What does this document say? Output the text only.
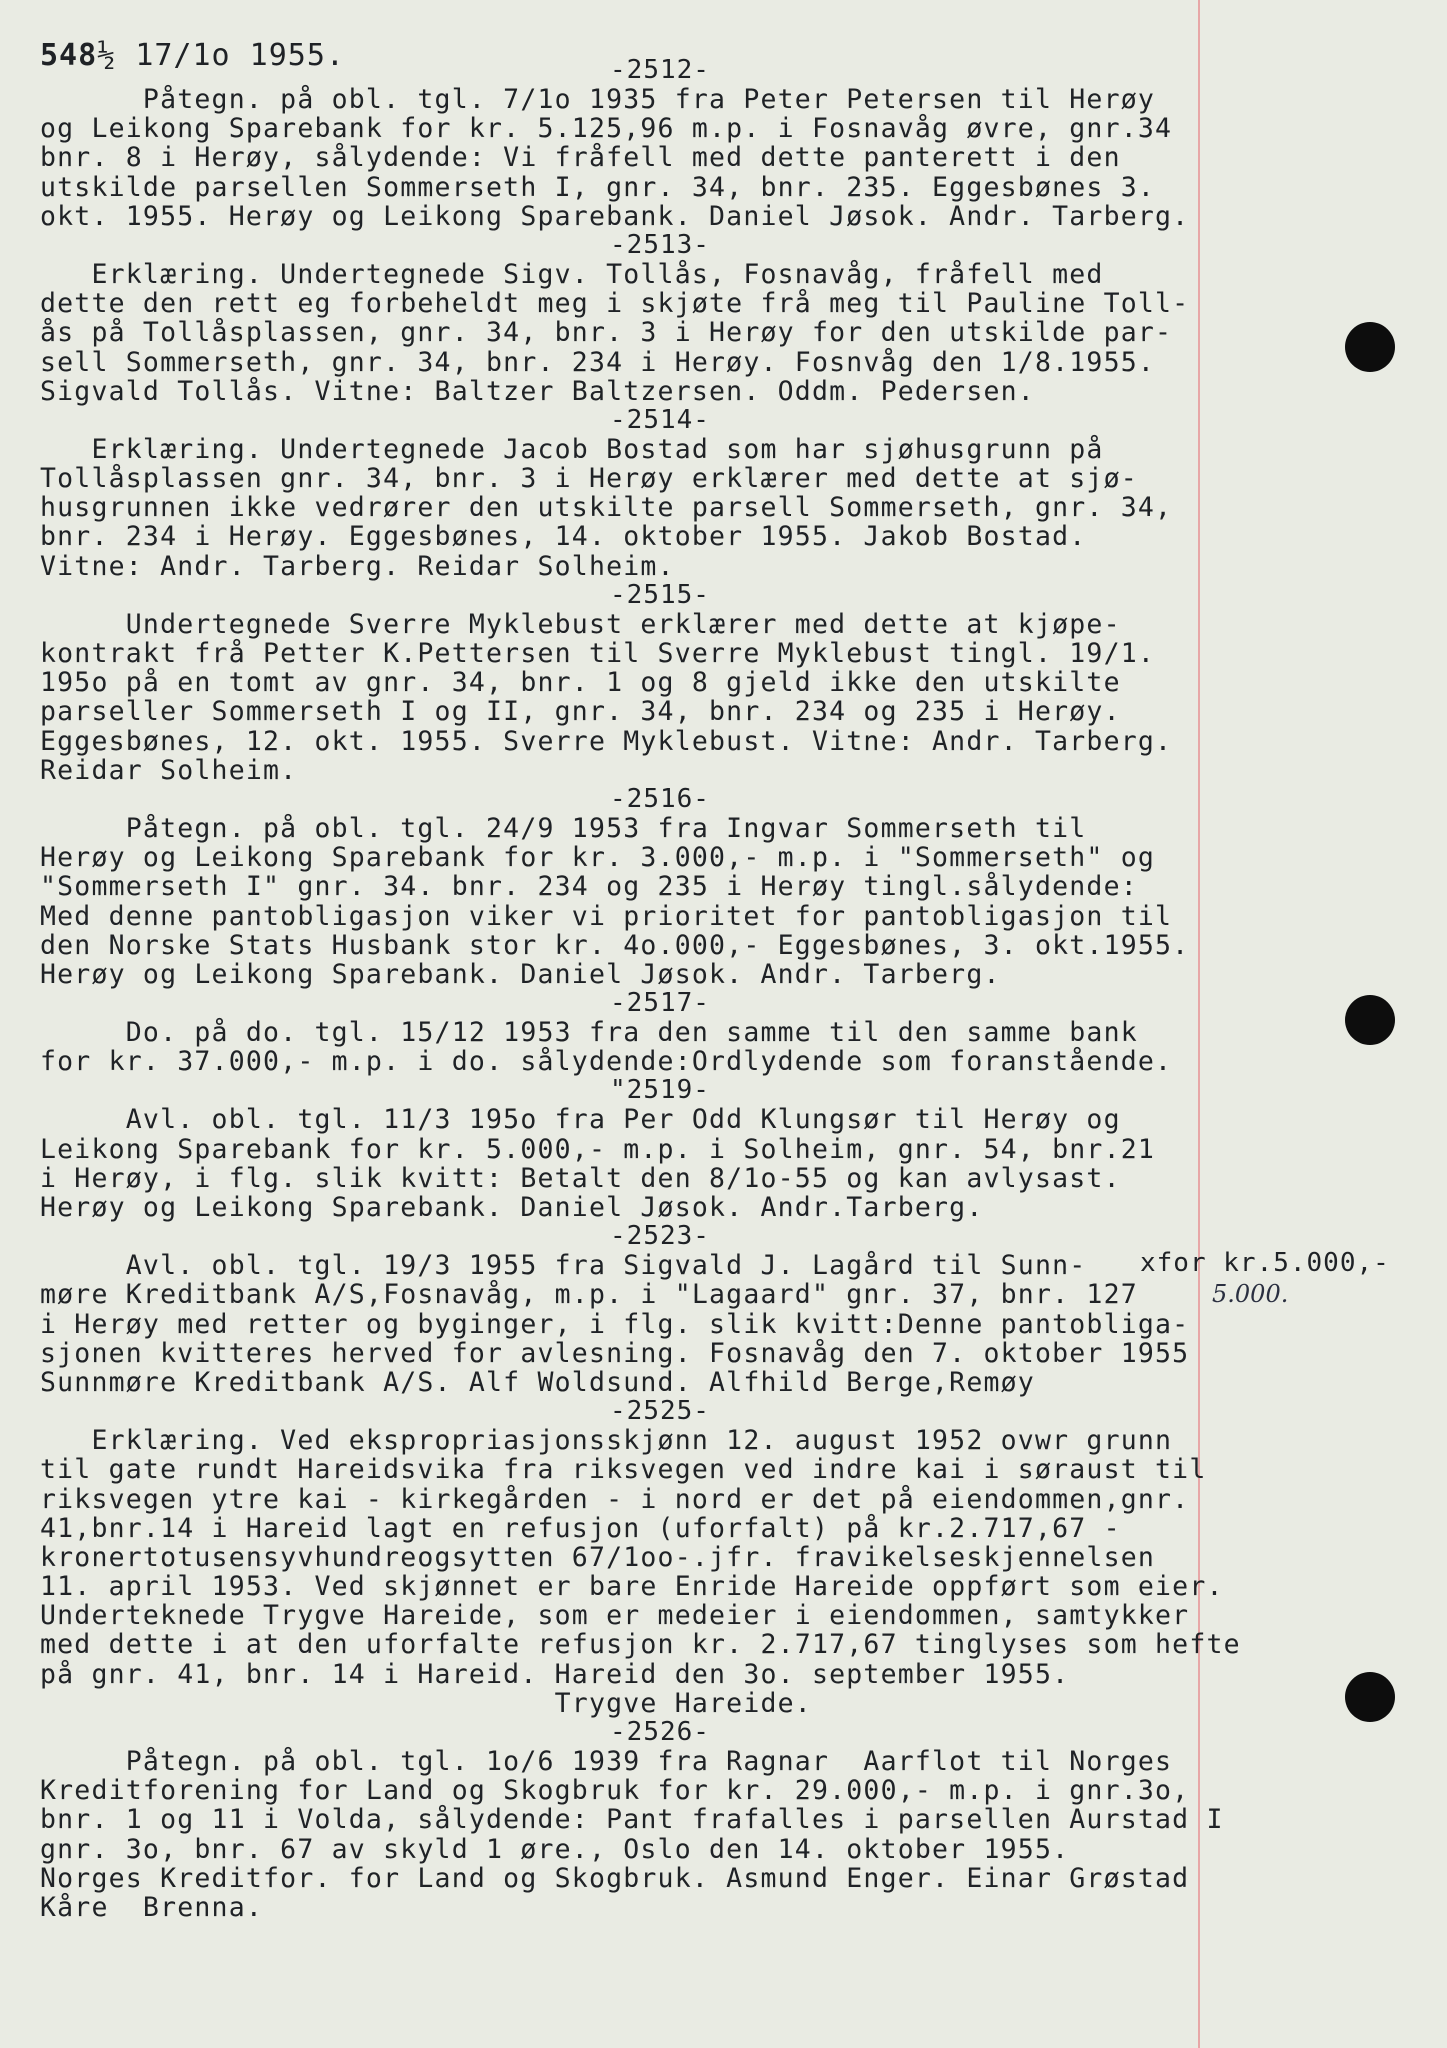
548½ 17/1o 1955.	-2512-
Påtegn. på obl. tgl. 7/1o 1935 fra Peter Petersen til Herøy
og Leikong Sparebank for kr. 5.125,96 m.p. i Fosnavåg øvre, gnr.34
bnr. 8 i Herøy, sålydende: Vi fråfell med dette panterett i den
utskilde parsellen Sommerseth I, gnr. 34, bnr. 235. Eggesbønes 3.
okt. 1955. Herøy og Leikong Sparebank. Daniel Jøsok. Andr. Tarberg.
-2513-
Erklæring. Undertegnede Sigv. Tollås, Fosnavåg, fråfell med
dette den rett eg forbeheldt meg i skjøte frå meg til Pauline Toll-
ås på Tollåsplassen, gnr. 34, bnr. 3 i Herøy for den utskilde par-
sell Sommerseth, gnr. 34, bnr. 234 i Herøy. Fosnvåg den 1/8.1955.
Sigvald Tollås. Vitne: Baltzer Baltzersen. Oddm. Pedersen.
-2514-
Erklæring. Undertegnede Jacob Bostad som har sjøhusgrunn på
Tollåsplassen gnr. 34, bnr. 3 i Herøy erklærer med dette at sjø-
husgrunnen ikke vedrører den utskilte parsell Sommerseth, gnr. 34,
bnr. 234 i Herøy. Eggesbønes, 14. oktober 1955. Jakob Bostad.
Vitne: Andr. Tarberg. Reidar Solheim.
-2515-
Undertegnede Sverre Myklebust erklærer med dette at kjøpe-
kontrakt frå Petter K.Pettersen til Sverre Myklebust tingl. 19/1.
195o på en tomt av gnr. 34, bnr. 1 og 8 gjeld ikke den utskilte
parseller Sommerseth I og II, gnr. 34, bnr. 234 og 235 i Herøy.
Eggesbønes, 12. okt. 1955. Sverre Myklebust. Vitne: Andr. Tarberg.
Reidar Solheim.
-2516-
Påtegn. på obl. tgl. 24/9 1953 fra Ingvar Sommerseth til
Herøy og Leikong Sparebank for kr. 3.000,- m.p. i "Sommerseth" og
"Sommerseth I" gnr. 34. bnr. 234 og 235 i Herøy tingl.sålydende:
Med denne pantobligasjon viker vi prioritet for pantobligasjon til
den Norske Stats Husbank stor kr. 4o.000,- Eggesbønes, 3. okt.1955.
Herøy og Leikong Sparebank. Daniel Jøsok. Andr. Tarberg.
-2517-
Do. på do. tgl. 15/12 1953 fra den samme til den samme bank
for kr. 37.000,- m.p. i do. sålydende:Ordlydende som foranstående.
"2519-
Avl. obl. tgl. 11/3 195o fra Per Odd Klungsør til Herøy og
Leikong Sparebank for kr. 5.000,- m.p. i Solheim, gnr. 54, bnr.21
i Herøy, i flg. slik kvitt: Betalt den 8/1o-55 og kan avlysast.
Herøy og Leikong Sparebank. Daniel Jøsok. Andr.Tarberg.
-2523-
Avl. obl. tgl. 19/3 1955 fra Sigvald J. Lagård til Sunn-
møre Kreditbank A/S,Fosnavåg, m.p. i "Lagaard" gnr. 37, bnr. 127
i Herøy med retter og byginger, i flg. slik kvitt:Denne pantobliga-
sjonen kvitteres herved for avlesning. Fosnavåg den 7. oktober 1955
Sunnmøre Kreditbank A/S. Alf Woldsund. Alfhild Berge,Remøy
-2525-
Erklæring. Ved ekspropriasjonsskjønn 12. august 1952 ovwr grunn
til gate rundt Hareidsvika fra riksvegen ved indre kai i søraust til
riksvegen ytre kai - kirkegården - i nord er det på eiendommen,gnr.
41,bnr.14 i Hareid lagt en refusjon (uforfalt) på kr.2.717,67 -
kronertotusensyvhundreogsytten 67/1oo-.jfr. fravikelseskjennelsen
11. april 1953. Ved skjønnet er bare Enride Hareide oppført som eier.
Underteknede Trygve Hareide, som er medeier i eiendommen, samtykker
med dette i at den uforfalte refusjon kr. 2.717,67 tinglyses som hefte
på gnr. 41, bnr. 14 i Hareid. Hareid den 3o. september 1955.
Trygve Hareide.
-2526-
Påtegn. på obl. tgl. 1o/6 1939 fra Ragnar  Aarflot til Norges
Kreditforening for Land og Skogbruk for kr. 29.000,- m.p. i gnr.3o,
bnr. 1 og 11 i Volda, sålydende: Pant frafalles i parsellen Aurstad I
gnr. 3o, bnr. 67 av skyld 1 øre., Oslo den 14. oktober 1955.
Norges Kreditfor. for Land og Skogbruk. Asmund Enger. Einar Grøstad
Kåre  Brenna.
xfor kr.5.000,-
5.000.
